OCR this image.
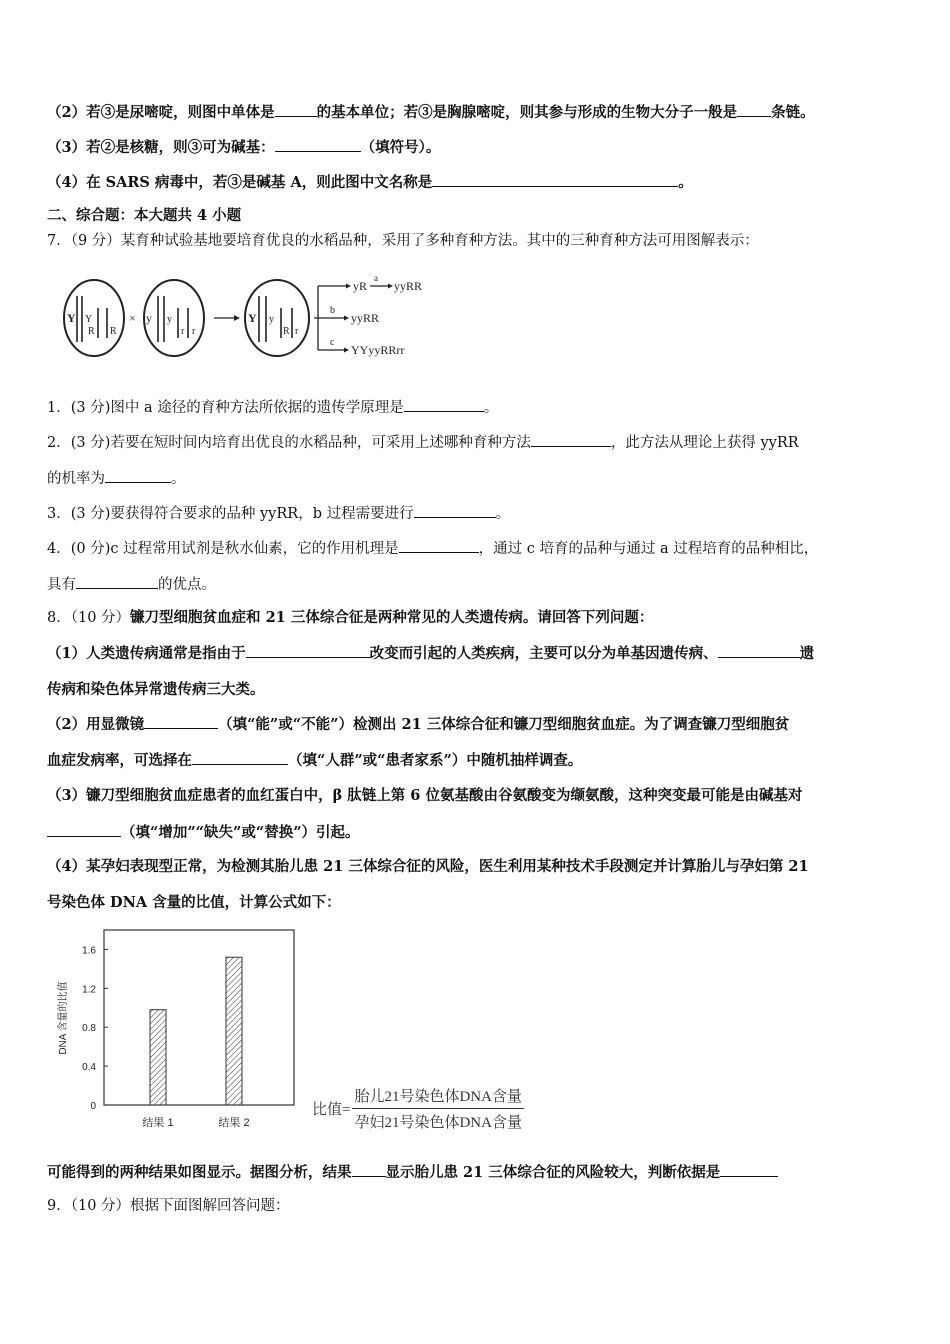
（2）若③是尿嘧啶，则图中单体是	的基本单位；若③是胸腺嘧啶，则其参与形成的生物大分子一般是 条链。
（3）若②是核糖，则③可为碱基：	（填符号）。
（4）在 SARS 病毒中，若③是碱基 A，则此图中文名称是	。
二、综合题：本大题共 4 小题
7．（9 分）某育种试验基地要培育优良的水稻品种，采用了多种育种方法。其中的三种育种方法可用图解表示：
Y Y
R R
× y y
r r
Y y
R r
yR
a
yyRR
b
yyRR
c
YYyyRRrr
1．(3 分)图中 a 途径的育种方法所依据的遗传学原理是	。
2．(3 分)若要在短时间内培育出优良的水稻品种，可采用上述哪种育种方法	，此方法从理论上获得 yyRR
的机率为	。
3．(3 分)要获得符合要求的品种 yyRR，b 过程需要进行	。
4．(0 分)c 过程常用试剂是秋水仙素，它的作用机理是	，通过 c 培育的品种与通过 a 过程培育的品种相比，
具有	的优点。
8．（10 分）镰刀型细胞贫血症和 21 三体综合征是两种常见的人类遗传病。请回答下列问题：
（1）人类遗传病通常是指由于	改变而引起的人类疾病，主要可以分为单基因遗传病、	遗
传病和染色体异常遗传病三大类。
（2）用显微镜	（填“能”或“不能”）检测出 21 三体综合征和镰刀型细胞贫血症。为了调查镰刀型细胞贫
血症发病率，可选择在	（填“人群”或“患者家系”）中随机抽样调查。
（3）镰刀型细胞贫血症患者的血红蛋白中，β 肽链上第 6 位氨基酸由谷氨酸变为缬氨酸，这种突变最可能是由碱基对
（填“增加”“缺失”或“替换”）引起。
（4）某孕妇表现型正常，为检测其胎儿患 21 三体综合征的风险，医生利用某种技术手段测定并计算胎儿与孕妇第 21
号染色体 DNA 含量的比值，计算公式如下：
0
0.4
0.8
1.2
1.6
结果 1	结果 2
DNA 含量的比值
比值= $\frac{\text{胎儿21号染色体DNA含量}}{\text{孕妇21号染色体DNA含量}}$
可能得到的两种结果如图显示。据图分析，结果 显示胎儿患 21 三体综合征的风险较大，判断依据是
9．（10 分）根据下面图解回答问题：
